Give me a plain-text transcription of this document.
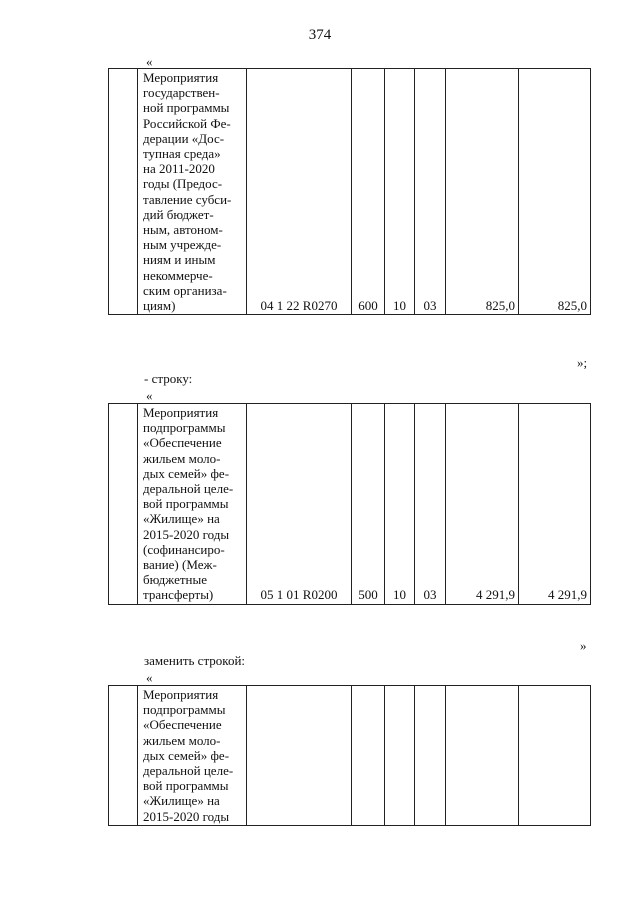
374
«

Мероприятия
государствен-
ной программы
Российской Фе-
дерации «Дос-
тупная среда»
на 2011-2020
годы (Предос-
тавление субси-
дий бюджет-
ным, автоном-
ным учрежде-
ниям и иным
некоммерче-
ским организа-
циям)	04 1 22 R0270	600	10	03	825,0	825,0
»;
- строку:
«

Мероприятия
подпрограммы
«Обеспечение
жильем моло-
дых семей» фе-
деральной целе-
вой программы
«Жилище» на
2015-2020 годы
(софинансиро-
вание) (Меж-
бюджетные
трансферты)	05 1 01 R0200	500	10	03	4 291,9	4 291,9
»
заменить строкой:
«

Мероприятия
подпрограммы
«Обеспечение
жильем моло-
дых семей» фе-
деральной целе-
вой программы
«Жилище» на
2015-2020 годы
